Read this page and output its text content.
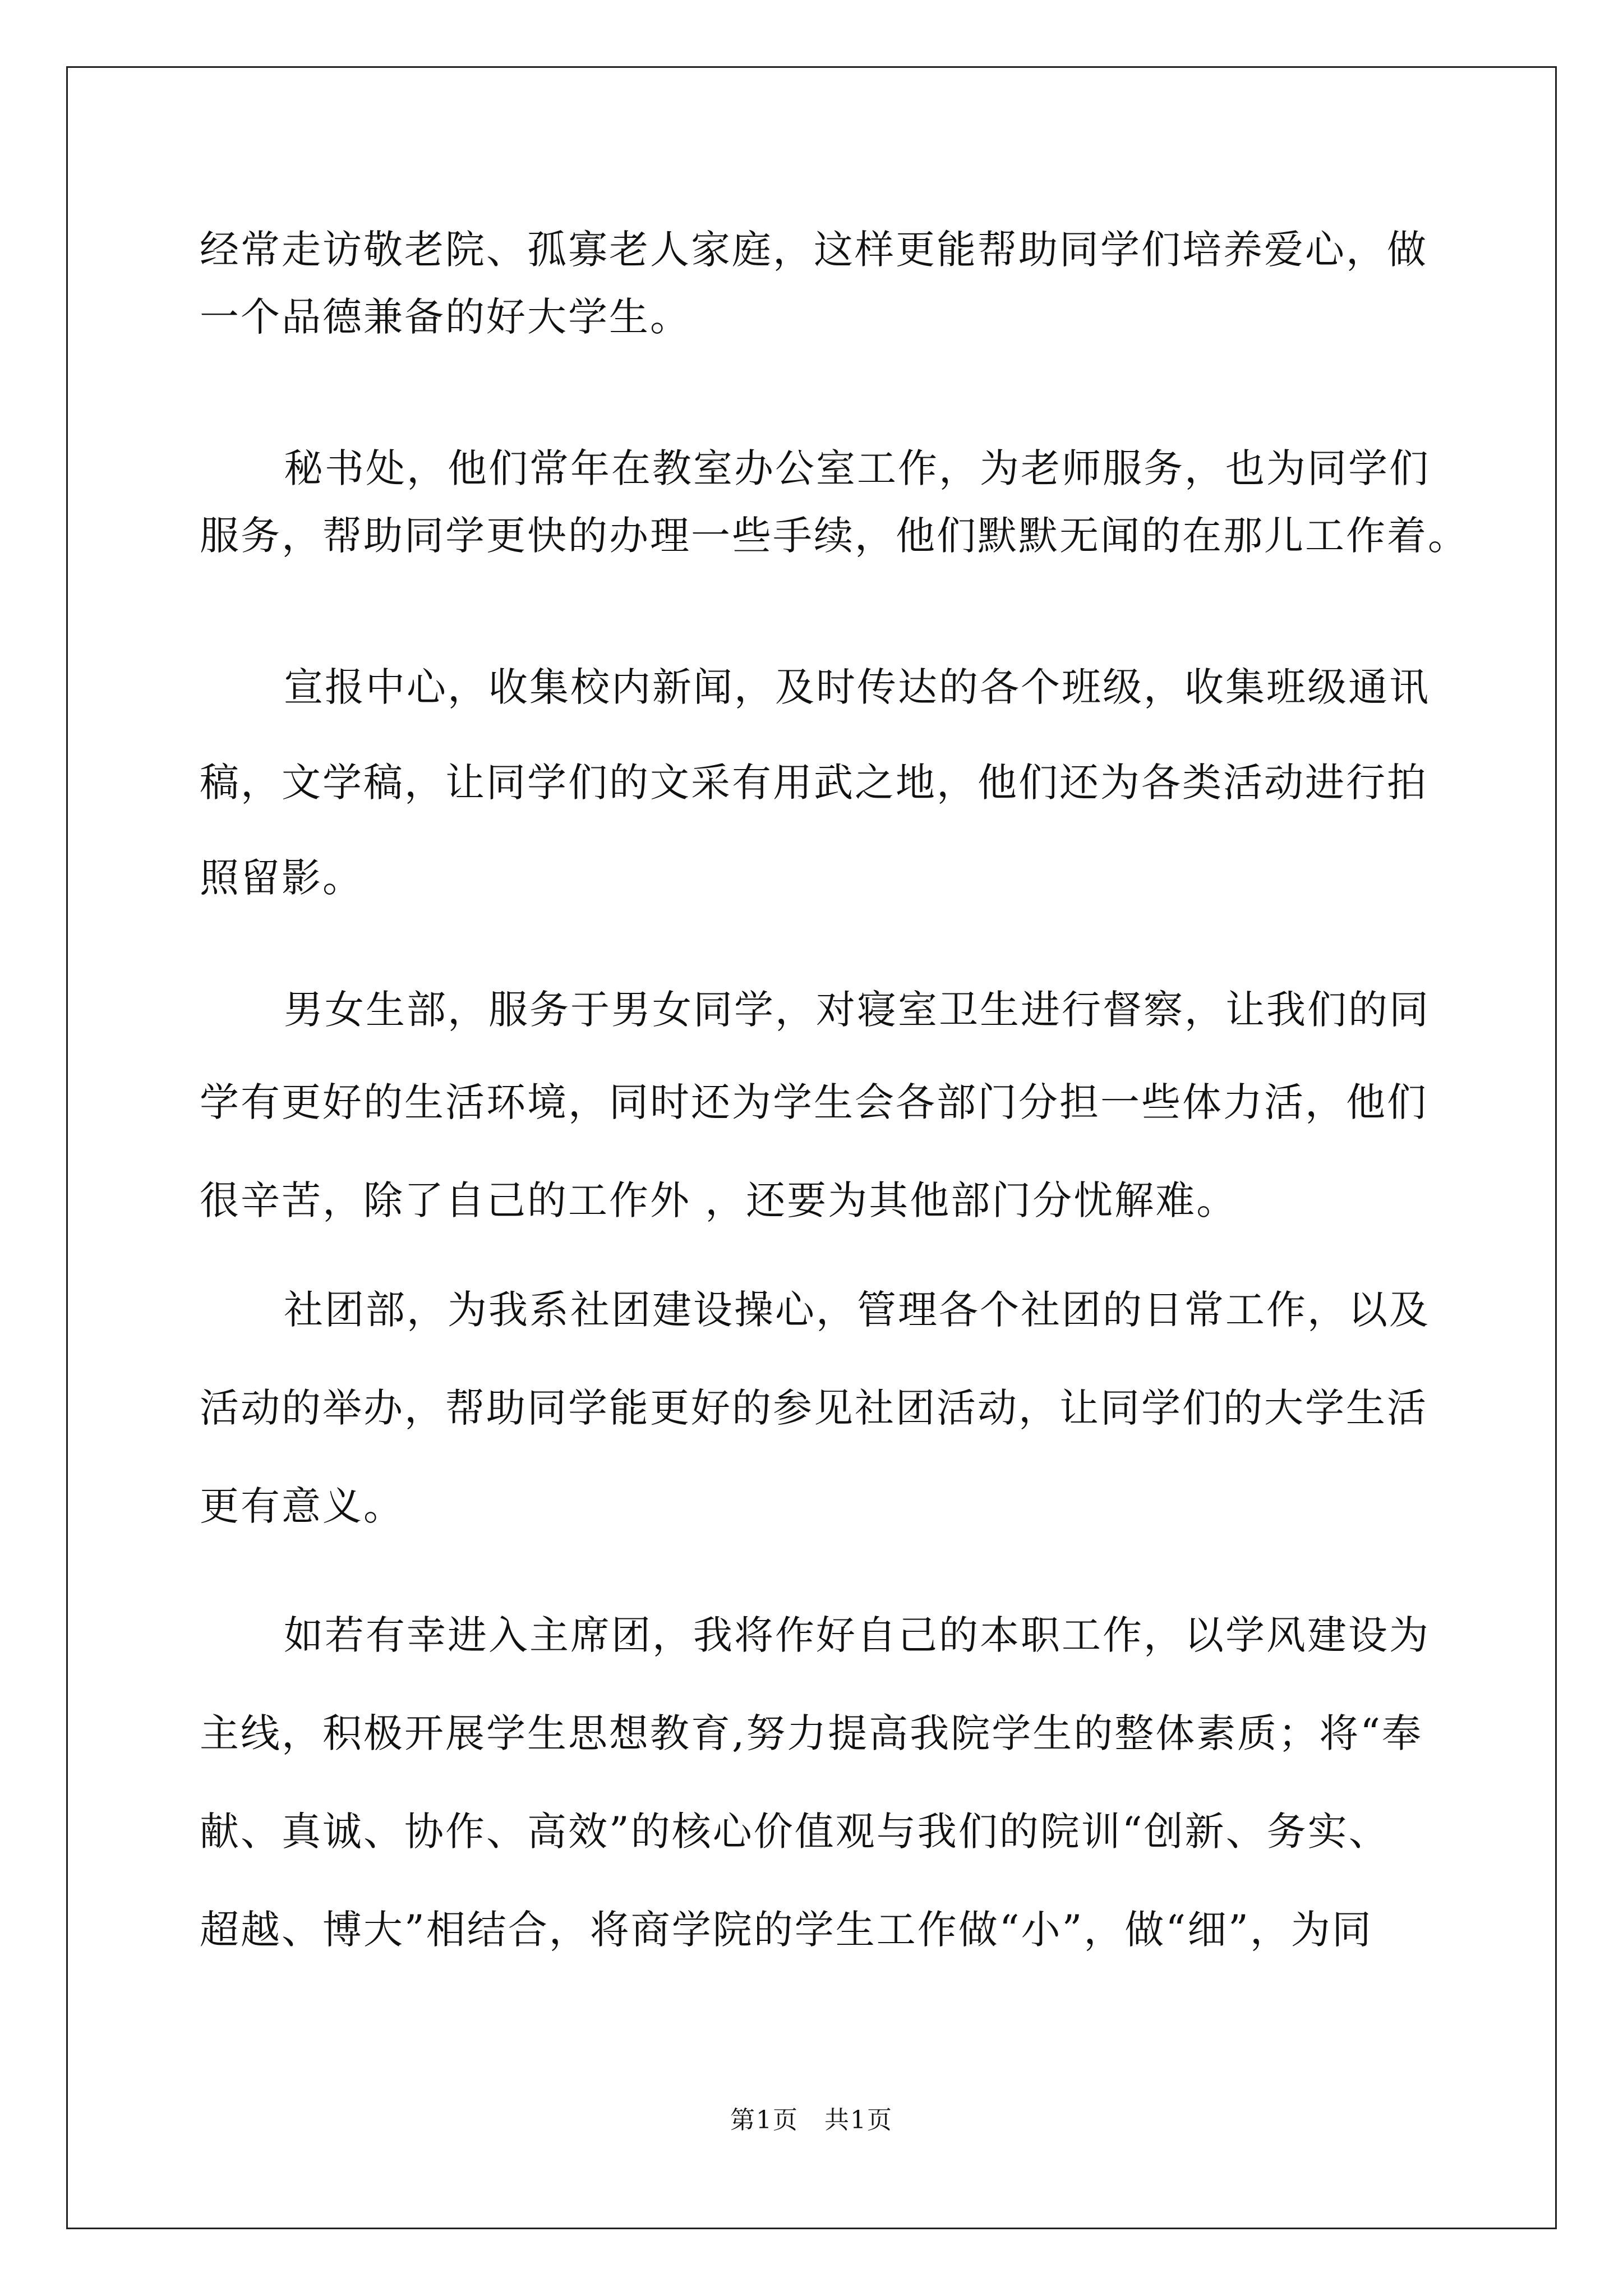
经常走访敬老院、孤寡老人家庭，这样更能帮助同学们培养爱心，做
一个品德兼备的好大学生。
秘书处，他们常年在教室办公室工作，为老师服务，也为同学们
服务，帮助同学更快的办理一些手续，他们默默无闻的在那儿工作着。
宣报中心，收集校内新闻，及时传达的各个班级，收集班级通讯
稿，文学稿，让同学们的文采有用武之地，他们还为各类活动进行拍
照留影。
男女生部，服务于男女同学，对寝室卫生进行督察，让我们的同
学有更好的生活环境，同时还为学生会各部门分担一些体力活，他们
很辛苦，除了自己的工作外 ，还要为其他部门分忧解难。
社团部，为我系社团建设操心，管理各个社团的日常工作，以及
活动的举办，帮助同学能更好的参见社团活动，让同学们的大学生活
更有意义。
如若有幸进入主席团，我将作好自己的本职工作，以学风建设为
主线，积极开展学生思想教育,努力提高我院学生的整体素质；将“奉
献、真诚、协作、高效”的核心价值观与我们的院训“创新、务实、
超越、博大”相结合，将商学院的学生工作做“小”，做“细”，为同
第1页　共1页
